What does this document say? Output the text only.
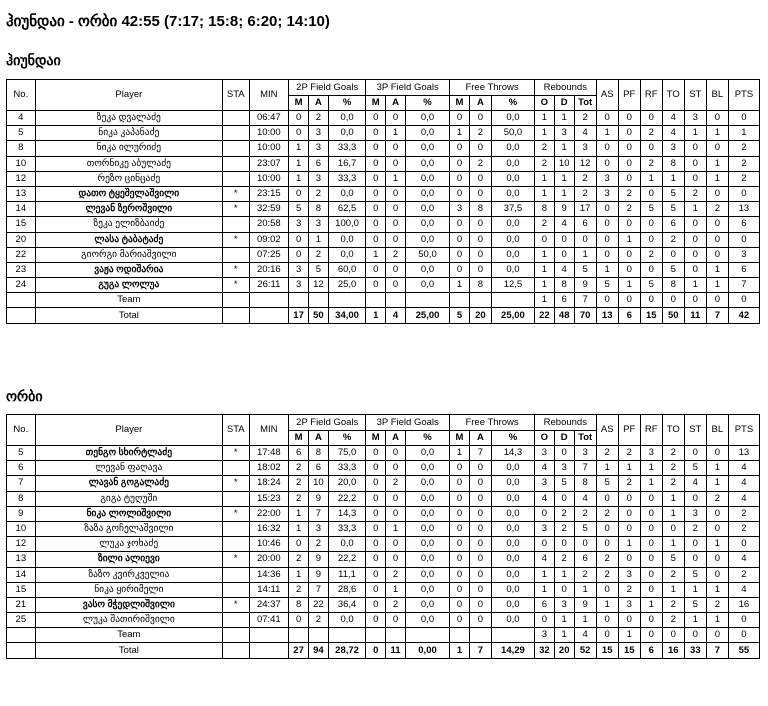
ჰიუნდაი - ორბი 42:55 (7:17; 15:8; 6:20; 14:10)
ჰიუნდაი
No.	Player	STA	MIN	2P Field Goals			3P Field Goals			Free Throws			Rebounds			AS	PF	RF	TO	ST	BL	PTS
				M	A	%	M	A	%	M	A	%	O	D	Tot							
4	ზეკა დვალაძე		06:47	0	2	0,0	0	0	0,0	0	0	0,0	1	1	2	0	0	0	4	3	0	0
5	ნიკა კაპანაძე		10:00	0	3	0,0	0	1	0,0	1	2	50,0	1	3	4	1	0	2	4	1	1	1
8	ნიკა ილურიძე		10:00	1	3	33,3	0	0	0,0	0	0	0,0	2	1	3	0	0	0	3	0	0	2
10	თორნიკე აბულაძე		23:07	1	6	16,7	0	0	0,0	0	2	0,0	2	10	12	0	0	2	8	0	1	2
12	რეზო ცინცაძე		10:00	1	3	33,3	0	1	0,0	0	0	0,0	1	1	2	3	0	1	1	0	1	2
13	დათო ტყეშელაშვილი	*	23:15	0	2	0,0	0	0	0,0	0	0	0,0	1	1	2	3	2	0	5	2	0	0
14	ლევან ზეროშვილი	*	32:59	5	8	62,5	0	0	0,0	3	8	37,5	8	9	17	0	2	5	5	1	2	13
15	ზეკა ელიზბაიძე		20:58	3	3	100,0	0	0	0,0	0	0	0,0	2	4	6	0	0	0	6	0	0	6
20	ლასა ტაბატაძე	*	09:02	0	1	0,0	0	0	0,0	0	0	0,0	0	0	0	0	1	0	2	0	0	0
22	გიორგი მარიაშვილი		07:25	0	2	0,0	1	2	50,0	0	0	0,0	1	0	1	0	0	2	0	0	0	3
23	ვაჟა ოდიშარია	*	20:16	3	5	60,0	0	0	0,0	0	0	0,0	1	4	5	1	0	0	5	0	1	6
24	გუგა ლოლუა	*	26:11	3	12	25,0	0	0	0,0	1	8	12,5	1	8	9	5	1	5	8	1	1	7
	Team												1	6	7	0	0	0	0	0	0	0
	Total			17	50	34,00	1	4	25,00	5	20	25,00	22	48	70	13	6	15	50	11	7	42
ორბი
No.	Player	STA	MIN	2P Field Goals			3P Field Goals			Free Throws			Rebounds			AS	PF	RF	TO	ST	BL	PTS
				M	A	%	M	A	%	M	A	%	O	D	Tot							
5	თენგო სხირტლაძე	*	17:48	6	8	75,0	0	0	0,0	1	7	14,3	3	0	3	2	2	3	2	0	0	13
6	ლევან ფაღავა		18:02	2	6	33,3	0	0	0,0	0	0	0,0	4	3	7	1	1	1	2	5	1	4
7	ლავან გოგალაძე	*	18:24	2	10	20,0	0	2	0,0	0	0	0,0	3	5	8	5	2	1	2	4	1	4
8	გიგა ტუღუში		15:23	2	9	22,2	0	0	0,0	0	0	0,0	4	0	4	0	0	0	1	0	2	4
9	ნიკა ლოლიშვილი	*	22:00	1	7	14,3	0	0	0,0	0	0	0,0	0	2	2	2	0	0	1	3	0	2
10	ზაზა გოჩელაშვილი		16:32	1	3	33,3	0	1	0,0	0	0	0,0	3	2	5	0	0	0	0	2	0	2
12	ლუკა ჯოხაძე		10:46	0	2	0,0	0	0	0,0	0	0	0,0	0	0	0	0	1	0	1	0	1	0
13	ზილი ალიევი	*	20:00	2	9	22,2	0	0	0,0	0	0	0,0	4	2	6	2	0	0	5	0	0	4
14	ზაზო კვირკველია		14:36	1	9	11,1	0	2	0,0	0	0	0,0	1	1	2	2	3	0	2	5	0	2
15	ნიკა ყირიმელი		14:11	2	7	28,6	0	1	0,0	0	0	0,0	1	0	1	0	2	0	1	1	1	4
21	ვასო მჭედლიშვილი	*	24:37	8	22	36,4	0	2	0,0	0	0	0,0	6	3	9	1	3	1	2	5	2	16
25	ლუკა შათირიშვილი		07:41	0	2	0,0	0	0	0,0	0	0	0,0	0	1	1	0	0	0	2	1	1	0
	Team												3	1	4	0	1	0	0	0	0	0
	Total			27	94	28,72	0	11	0,00	1	7	14,29	32	20	52	15	15	6	16	33	7	55
